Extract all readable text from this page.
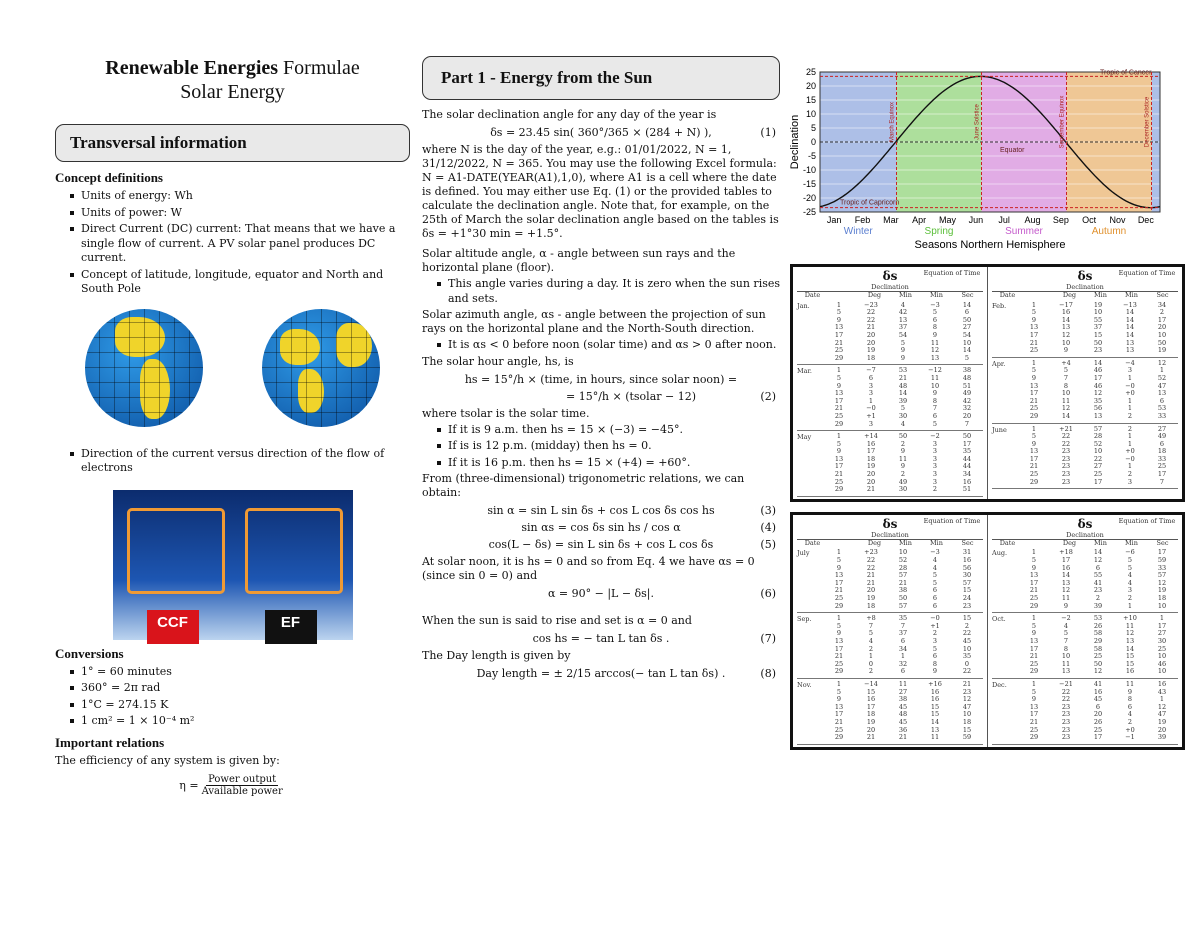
Renewable Energies Formulae
Solar Energy
Transversal information
Concept definitions
Units of energy: Wh
Units of power: W
Direct Current (DC) current: That means that we have a single flow of current. A PV solar panel produces DC current.
Concept of latitude, longitude, equator and North and South Pole
Direction of the current versus direction of the flow of electrons
CCF	EF
Conversions
1° = 60 minutes
360° = 2π rad
1°C = 274.15 K
1 cm² = 1 × 10⁻⁴ m²
Important relations

The efficiency of any system is given by:

$\eta = \frac{\text{Power output}}{\text{Available power}}$
Part 1 - Energy from the Sun

The solar declination angle for any day of the year is

δs = 23.45 sin( 360°/365 × (284 + N) ),	(1)

where N is the day of the year, e.g.: 01/01/2022, N = 1, 31/12/2022, N = 365. You may use the following Excel formula: N = A1-DATE(YEAR(A1),1,0), where A1 is a cell where the date is defined. You may either use Eq. (1) or the provided tables to calculate the declination angle. Note that, for example, on the 25th of March the solar declination angle based on the tables is δs = +1°30 min = +1.5°.

Solar altitude angle, α - angle between sun rays and the horizontal plane (floor).

This angle varies during a day. It is zero when the sun rises and sets.

Solar azimuth angle, αs - angle between the projection of sun rays on the horizontal plane and the North-South direction.

It is αs < 0 before noon (solar time) and αs > 0 after noon.

The solar hour angle, hs, is

hs = 15°/h × (time, in hours, since solar noon) =
= 15°/h × (tsolar − 12)	(2)

where tsolar is the solar time.

If it is 9 a.m. then hs = 15 × (−3) = −45°.
If is is 12 p.m. (midday) then hs = 0.
If it is 16 p.m. then hs = 15 × (+4) = +60°.

From (three-dimensional) trigonometric relations, we can obtain:

sin α = sin L sin δs + cos L cos δs cos hs	(3)
sin αs = cos δs sin hs / cos α	(4)
cos(L − δs) = sin L sin δs + cos L cos δs	(5)

At solar noon, it is hs = 0 and so from Eq. 4 we have αs = 0 (since sin 0 = 0) and

α = 90° − |L − δs|.	(6)

When the sun is said to rise and set is α = 0 and

cos hs = − tan L tan δs .	(7)

The Day length is given by

Day length = ± 2/15 arccos(− tan L tan δs) .	(8)
Winter	Spring	Summer	Autumn
25
20
15
10
5
0
-5
-10
-15
-20
-25
Jan Feb Mar Apr May Jun Jul Aug Sep Oct Nov Dec
Tropic of Cancer
Equator
Tropic of Capricorn
March Equinox	June Solstice	September Equinox	December Solstice
Declination
Seasons Northern Hemisphere
δs
Declination
Equation of Time
Date	Deg	Min	Min	Sec
Jan.	1	−23	4	−3	14
5	22	42	5	6
9	22	13	6	50
13	21	37	8	27
17	20	54	9	54
21	20	5	11	10
25	19	9	12	14
29	18	9	13	5
Mar.	1	−7	53	−12	38
5	6	21	11	48
9	3	48	10	51
13	3	14	9	49
17	1	39	8	42
21	−0	5	7	32
25	+1	30	6	20
29	3	4	5	7
May	1	+14	50	−2	50
5	16	2	3	17
9	17	9	3	35
13	18	11	3	44
17	19	9	3	44
21	20	2	3	34
25	20	49	3	16
29	21	30	2	51
δs
Declination
Equation of Time
Date	Deg	Min	Min	Sec
Feb.	1	−17	19	−13	34
5	16	10	14	2
9	14	55	14	17
13	13	37	14	20
17	12	15	14	10
21	10	50	13	50
25	9	23	13	19
Apr.	1	+4	14	−4	12
5	5	46	3	1
9	7	17	1	52
13	8	46	−0	47
17	10	12	+0	13
21	11	35	1	6
25	12	56	1	53
29	14	13	2	33
June	1	+21	57	2	27
5	22	28	1	49
9	22	52	1	6
13	23	10	+0	18
17	23	22	−0	33
21	23	27	1	25
25	23	25	2	17
29	23	17	3	7
δs
Declination
Equation of Time
Date	Deg	Min	Min	Sec
July	1	+23	10	−3	31
5	22	52	4	16
9	22	28	4	56
13	21	57	5	30
17	21	21	5	57
21	20	38	6	15
25	19	50	6	24
29	18	57	6	23
Sep.	1	+8	35	−0	15
5	7	7	+1	2
9	5	37	2	22
13	4	6	3	45
17	2	34	5	10
21	1	1	6	35
25	0	32	8	0
29	2	6	9	22
Nov.	1	−14	11	+16	21
5	15	27	16	23
9	16	38	16	12
13	17	45	15	47
17	18	48	15	10
21	19	45	14	18
25	20	36	13	15
29	21	21	11	59
δs
Declination
Equation of Time
Date	Deg	Min	Min	Sec
Aug.	1	+18	14	−6	17
5	17	12	5	59
9	16	6	5	33
13	14	55	4	57
17	13	41	4	12
21	12	23	3	19
25	11	2	2	18
29	9	39	1	10
Oct.	1	−2	53	+10	1
5	4	26	11	17
9	5	58	12	27
13	7	29	13	30
17	8	58	14	25
21	10	25	15	10
25	11	50	15	46
29	13	12	16	10
Dec.	1	−21	41	11	16
5	22	16	9	43
9	22	45	8	1
13	23	6	6	12
17	23	20	4	47
21	23	26	2	19
25	23	25	+0	20
29	23	17	−1	39
